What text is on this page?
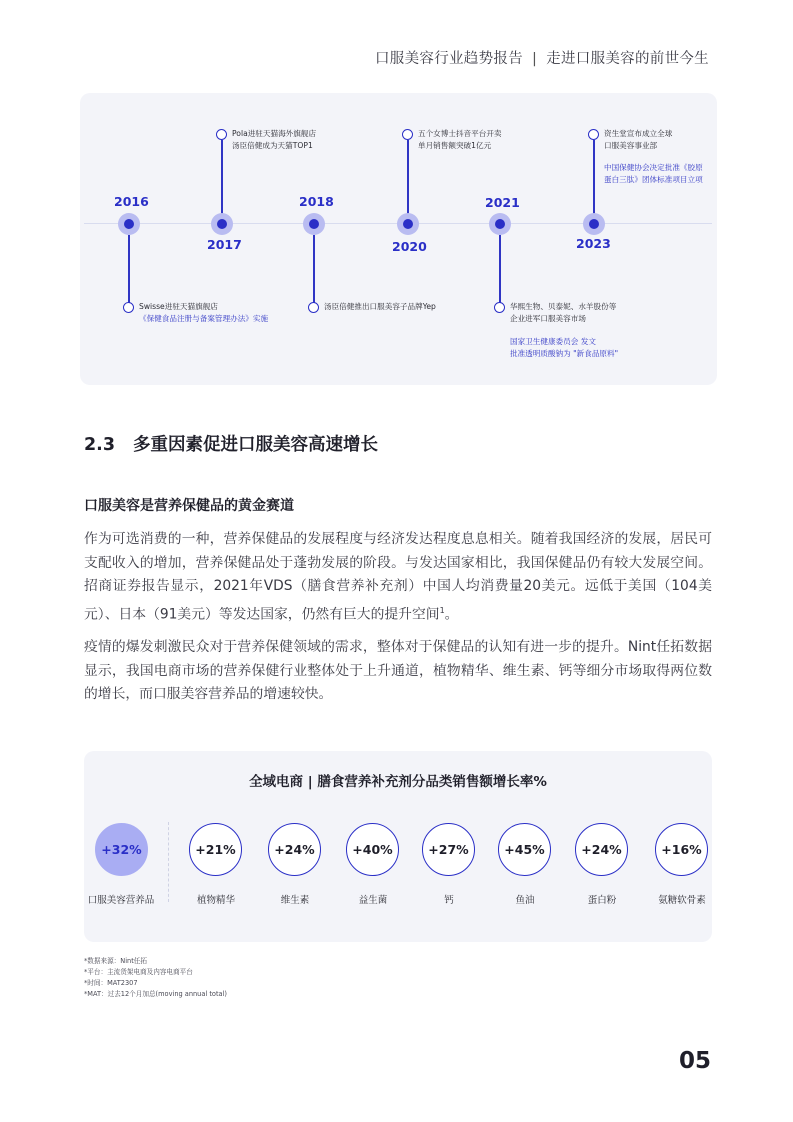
口服美容行业趋势报告 | 走进口服美容的前世今生
2016
Swisse进驻天猫旗舰店
《保健食品注册与备案管理办法》实施
Pola进驻天猫海外旗舰店
汤臣倍健成为天猫TOP1
2017
2018
汤臣倍健推出口服美容子品牌Yep
五个女博士抖音平台开卖
单月销售额突破1亿元
2020
2021
华熙生物、贝泰妮、水羊股份等
企业进军口服美容市场
国家卫生健康委员会 发文
批准透明质酸钠为 "新食品原料"
资生堂宣布成立全球
口服美容事业部
中国保健协会决定批准《胶原
蛋白三肽》团体标准项目立项
2023
2.3 多重因素促进口服美容高速增长
口服美容是营养保健品的黄金赛道
作为可选消费的一种，营养保健品的发展程度与经济发达程度息息相关。随着我国经济的发展，居民可支配收入的增加，营养保健品处于蓬勃发展的阶段。与发达国家相比，我国保健品仍有较大发展空间。招商证券报告显示，2021年VDS（膳食营养补充剂）中国人均消费量20美元。远低于美国（104美元）、日本（91美元）等发达国家，仍然有巨大的提升空间$^1$。
疫情的爆发刺激民众对于营养保健领域的需求，整体对于保健品的认知有进一步的提升。Nint任拓数据显示，我国电商市场的营养保健行业整体处于上升通道，植物精华、维生素、钙等细分市场取得两位数的增长，而口服美容营养品的增速较快。
全域电商 | 膳食营养补充剂分品类销售额增长率%
+32%
口服美容营养品
+21%
植物精华
+24%
维生素
+40%
益生菌
+27%
钙
+45%
鱼油
+24%
蛋白粉
+16%
氨糖软骨素
*数据来源：Nint任拓
*平台：主流货架电商及内容电商平台
*时间：MAT2307
*MAT：过去12个月加总(moving annual total)
05
